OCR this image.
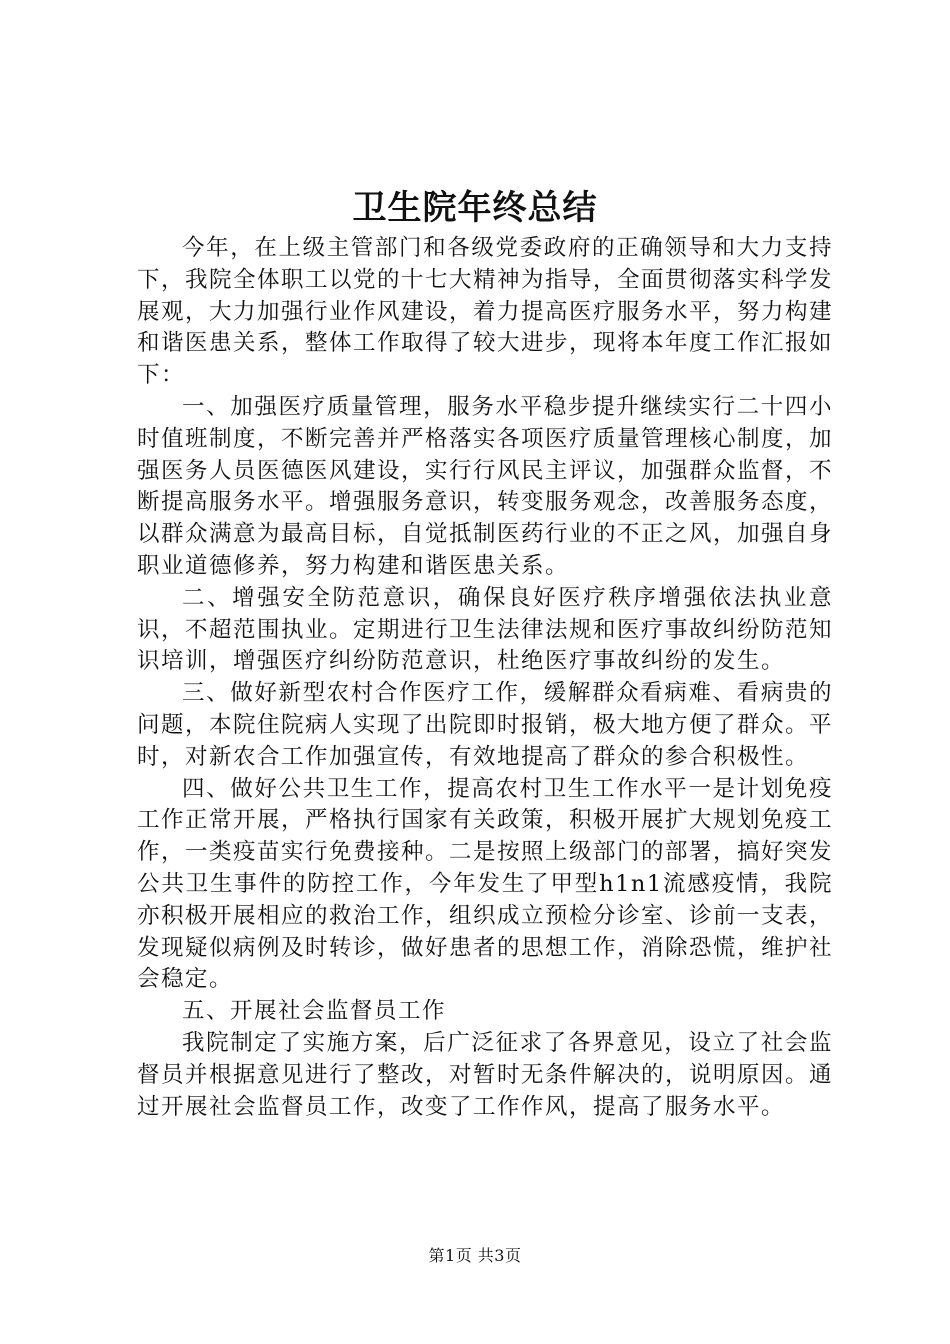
卫生院年终总结

今年，在上级主管部门和各级党委政府的正确领导和大力支持下，我院全体职工以党的十七大精神为指导，全面贯彻落实科学发展观，大力加强行业作风建设，着力提高医疗服务水平，努力构建和谐医患关系，整体工作取得了较大进步，现将本年度工作汇报如下：

一、加强医疗质量管理，服务水平稳步提升继续实行二十四小时值班制度，不断完善并严格落实各项医疗质量管理核心制度，加强医务人员医德医风建设，实行行风民主评议，加强群众监督，不断提高服务水平。增强服务意识，转变服务观念，改善服务态度，以群众满意为最高目标，自觉抵制医药行业的不正之风，加强自身职业道德修养，努力构建和谐医患关系。

二、增强安全防范意识，确保良好医疗秩序增强依法执业意识，不超范围执业。定期进行卫生法律法规和医疗事故纠纷防范知识培训，增强医疗纠纷防范意识，杜绝医疗事故纠纷的发生。

三、做好新型农村合作医疗工作，缓解群众看病难、看病贵的问题，本院住院病人实现了出院即时报销，极大地方便了群众。平时，对新农合工作加强宣传，有效地提高了群众的参合积极性。

四、做好公共卫生工作，提高农村卫生工作水平一是计划免疫工作正常开展，严格执行国家有关政策，积极开展扩大规划免疫工作，一类疫苗实行免费接种。二是按照上级部门的部署，搞好突发公共卫生事件的防控工作，今年发生了甲型h1n1流感疫情，我院亦积极开展相应的救治工作，组织成立预检分诊室、诊前一支表，发现疑似病例及时转诊，做好患者的思想工作，消除恐慌，维护社会稳定。

五、开展社会监督员工作

我院制定了实施方案，后广泛征求了各界意见，设立了社会监督员并根据意见进行了整改，对暂时无条件解决的，说明原因。通过开展社会监督员工作，改变了工作作风，提高了服务水平。

第1页 共3页
